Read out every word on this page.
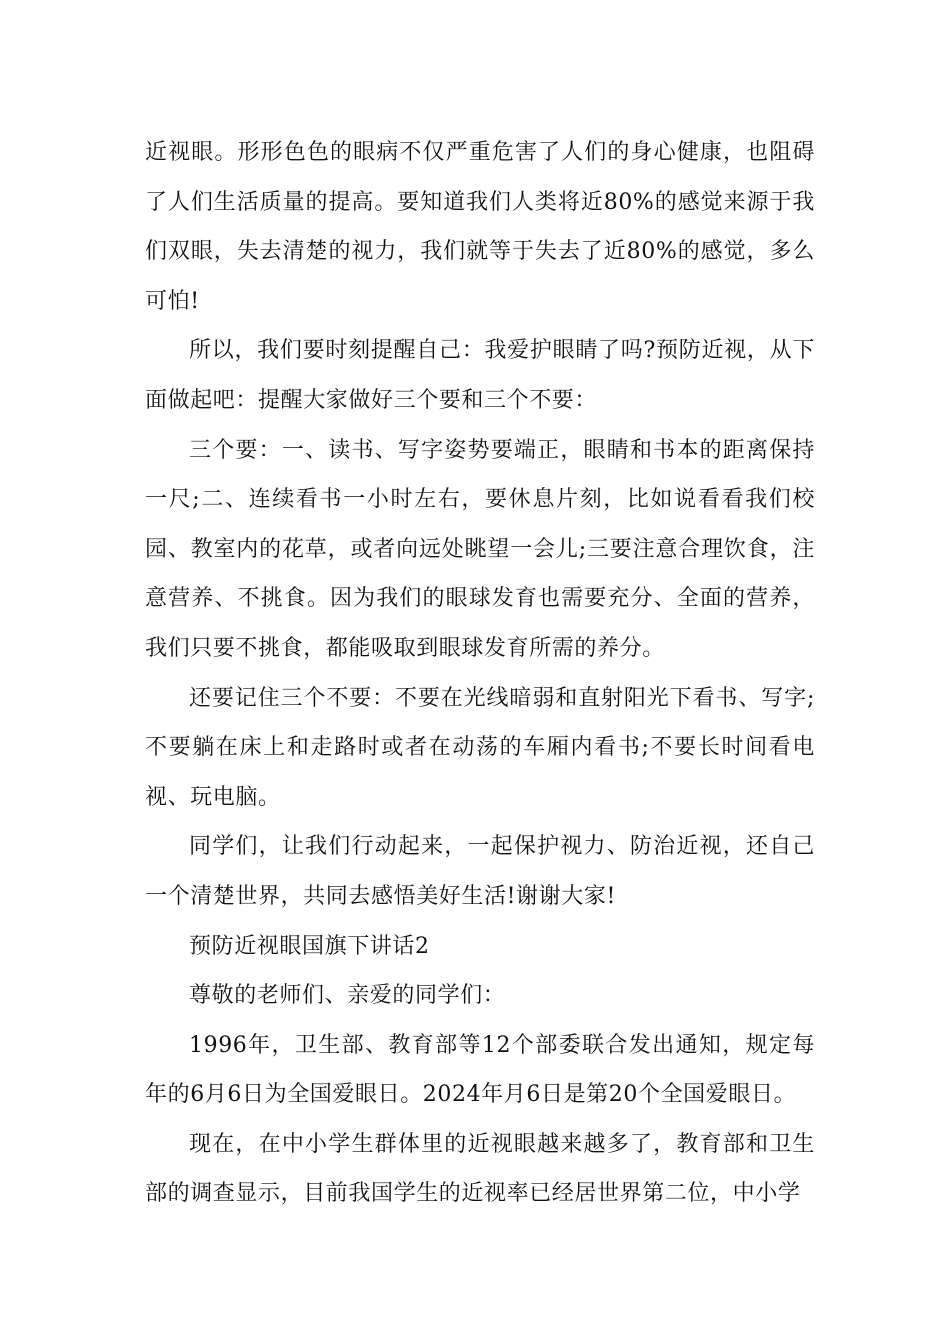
近视眼。形形色色的眼病不仅严重危害了人们的身心健康，也阻碍了人们生活质量的提高。要知道我们人类将近80%的感觉来源于我们双眼，失去清楚的视力，我们就等于失去了近80%的感觉，多么可怕!

所以，我们要时刻提醒自己：我爱护眼睛了吗?预防近视，从下面做起吧：提醒大家做好三个要和三个不要：

三个要：一、读书、写字姿势要端正，眼睛和书本的距离保持一尺;二、连续看书一小时左右，要休息片刻，比如说看看我们校园、教室内的花草，或者向远处眺望一会儿;三要注意合理饮食，注意营养、不挑食。因为我们的眼球发育也需要充分、全面的营养，我们只要不挑食，都能吸取到眼球发育所需的养分。

还要记住三个不要：不要在光线暗弱和直射阳光下看书、写字;不要躺在床上和走路时或者在动荡的车厢内看书;不要长时间看电视、玩电脑。

同学们，让我们行动起来，一起保护视力、防治近视，还自己一个清楚世界，共同去感悟美好生活!谢谢大家!

预防近视眼国旗下讲话2

尊敬的老师们、亲爱的同学们：

1996年，卫生部、教育部等12个部委联合发出通知，规定每年的6月6日为全国爱眼日。2024年月6日是第20个全国爱眼日。

现在，在中小学生群体里的近视眼越来越多了，教育部和卫生部的调查显示，目前我国学生的近视率已经居世界第二位，中小学
